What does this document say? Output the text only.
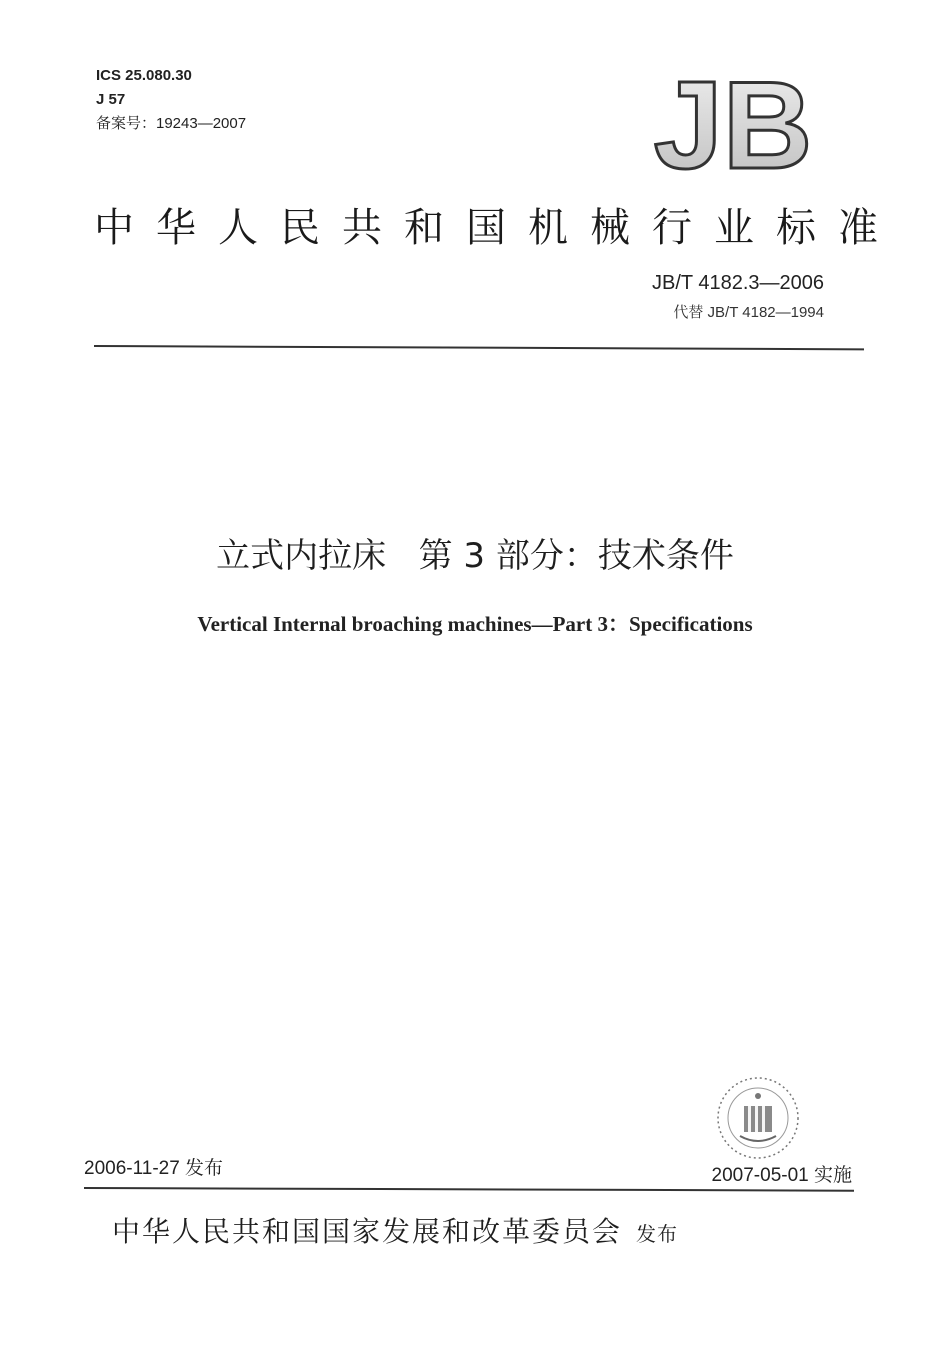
ICS 25.080.30
J 57
备案号：19243—2007	JB
中华人民共和国机械行业标准
JB/T 4182.3—2006
代替 JB/T 4182—1994
立式内拉床   第 3 部分：技术条件
Vertical Internal broaching machines—Part 3：Specifications
2006-11-27 发布	2007-05-01 实施
中华人民共和国国家发展和改革委员会 发布
